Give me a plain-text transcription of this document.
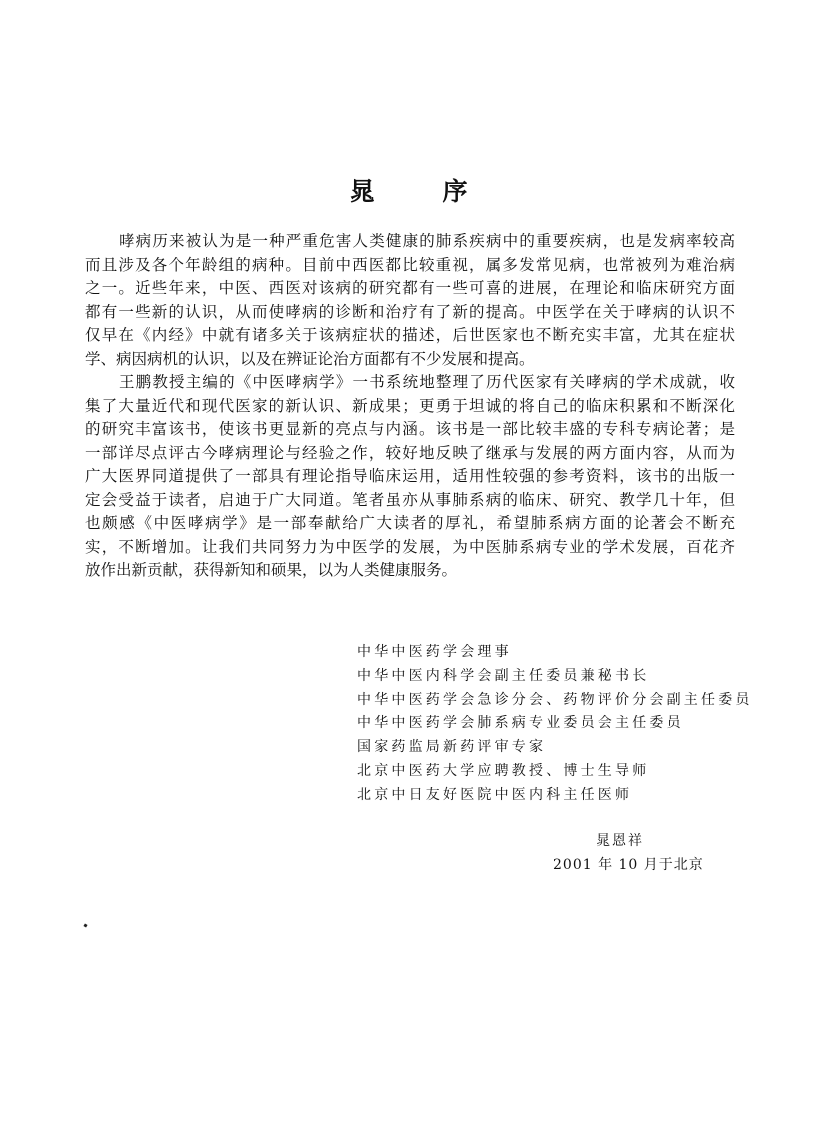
晁	序
哮病历来被认为是一种严重危害人类健康的肺系疾病中的重要疾病，也是发病率较高
而且涉及各个年龄组的病种。目前中西医都比较重视，属多发常见病，也常被列为难治病
之一。近些年来，中医、西医对该病的研究都有一些可喜的进展，在理论和临床研究方面
都有一些新的认识，从而使哮病的诊断和治疗有了新的提高。中医学在关于哮病的认识不
仅早在《内经》中就有诸多关于该病症状的描述，后世医家也不断充实丰富，尤其在症状
学、病因病机的认识，以及在辨证论治方面都有不少发展和提高。
王鹏教授主编的《中医哮病学》一书系统地整理了历代医家有关哮病的学术成就，收
集了大量近代和现代医家的新认识、新成果；更勇于坦诚的将自己的临床积累和不断深化
的研究丰富该书，使该书更显新的亮点与内涵。该书是一部比较丰盛的专科专病论著；是
一部详尽点评古今哮病理论与经验之作，较好地反映了继承与发展的两方面内容，从而为
广大医界同道提供了一部具有理论指导临床运用，适用性较强的参考资料，该书的出版一
定会受益于读者，启迪于广大同道。笔者虽亦从事肺系病的临床、研究、教学几十年，但
也颇感《中医哮病学》是一部奉献给广大读者的厚礼，希望肺系病方面的论著会不断充
实，不断增加。让我们共同努力为中医学的发展，为中医肺系病专业的学术发展，百花齐
放作出新贡献，获得新知和硕果，以为人类健康服务。
中华中医药学会理事
中华中医内科学会副主任委员兼秘书长
中华中医药学会急诊分会、药物评价分会副主任委员
中华中医药学会肺系病专业委员会主任委员
国家药监局新药评审专家
北京中医药大学应聘教授、博士生导师
北京中日友好医院中医内科主任医师
晁恩祥
2001 年 10 月于北京
